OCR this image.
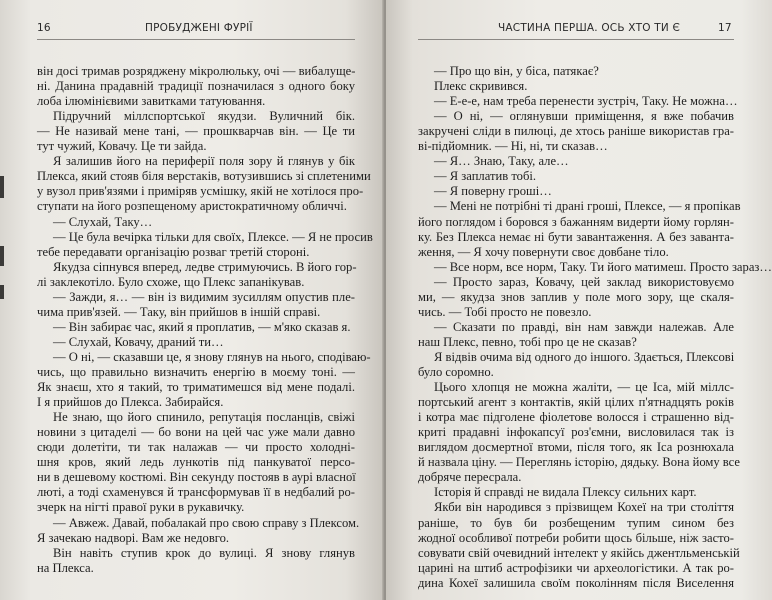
16	ПРОБУДЖЕНІ ФУРІЇ
він досі тримав розряджену мікролюльку, очі — вибалуще-
ні. Данина прадавній традиції позначилася з одного боку
лоба ілюмінієвими завитками татуювання.
Підручний міллспортської якудзи. Вуличний бік.
— Не називай мене тані, — прошкварчав він. — Це ти
тут чужий, Ковачу. Це ти зайда.
Я залишив його на периферії поля зору й глянув у бік
Плекса, який стояв біля верстаків, вотузившись зі сплетеними
у вузол прив'язями і приміряв усмішку, якій не хотілося про-
ступати на його розпещеному аристократичному обличчі.
— Слухай, Таку…
— Це була вечірка тільки для своїх, Плексе. — Я не просив
тебе передавати організацію розваг третій стороні.
Якудза сіпнувся вперед, ледве стримуючись. В його гор-
лі заклекотіло. Було схоже, що Плекс запанікував.
— Зажди, я… — він із видимим зусиллям опустив пле-
чима прив'язей. — Таку, він прийшов в іншій справі.
— Він забирає час, який я проплатив, — м'яко сказав я.
— Слухай, Ковачу, драний ти…
— О ні, — сказавши це, я знову глянув на нього, сподіваю-
чись, що правильно визначить енергію в моєму тоні. —
Як знаєш, хто я такий, то триматимешся від мене подалі.
І я прийшов до Плекса. Забирайся.
Не знаю, що його спинило, репутація посланців, свіжі
новини з цитаделі — бо вони на цей час уже мали давно
сюди долетіти, ти так налажав — чи просто холодні-
шня кров, який ледь лункотів під панкуватої персо-
ни в дешевому костюмі. Він секунду постояв в аурі власної
люті, а тоді схаменувся й трансформував її в недбалий ро-
зчерк на нігті правої руки в рукавичку.
— Авжеж. Давай, побалакай про свою справу з Плексом.
Я зачекаю надворі. Вам же недовго.
Він навіть ступив крок до вулиці. Я знову глянув
на Плекса.
ЧАСТИНА ПЕРША. ОСЬ ХТО ТИ Є	17
— Про що він, у біса, патякає?
Плекс скривився.
— Е-е-е, нам треба перенести зустріч, Таку. Не можна…
— О ні, — оглянувши приміщення, я вже побачив
закручені сліди в пилюці, де хтось раніше використав гра-
ві-підйомник. — Ні, ні, ти сказав…
— Я… Знаю, Таку, але…
— Я заплатив тобі.
— Я поверну гроші…
— Мені не потрібні ті драні гроші, Плексе, — я пропікав
його поглядом і боровся з бажанням видерти йому горлян-
ку. Без Плекса немає ні бути завантаження. А без заванта-
ження, — Я хочу повернути своє довбане тіло.
— Все норм, все норм, Таку. Ти його матимеш. Просто зараз…
— Просто зараз, Ковачу, цей заклад використовуємо
ми, — якудза знов заплив у поле мого зору, ще скаля-
чись. — Тобі просто не повезло.
— Сказати по правді, він нам завжди належав. Але
наш Плекс, певно, тобі про це не сказав?
Я відвів очима від одного до іншого. Здається, Плексові
було соромно.
Цього хлопця не можна жаліти, — це Іса, мій міллс-
портський агент з контактів, якій цілих п'ятнадцять років
і котра має підголене фіолетове волосся і страшенно від-
криті прадавні інфокапсуї роз'ємни, висловилася так із
виглядом досмертної втоми, після того, як Іса рознюхала
й назвала ціну. — Переглянь історію, дядьку. Вона йому все
добряче пересрала.
Історія й справді не видала Плексу сильних карт.
Якби він народився з прізвищем Кохеї на три століття
раніше, то був би розбещеним тупим сином без
жодної особливої потреби робити щось більше, ніж засто-
совувати свій очевидний інтелект у якійсь джентльменській
царині на штиб астрофізики чи археологістики. А так ро-
дина Кохеї залишила своїм поколінням після Виселення
